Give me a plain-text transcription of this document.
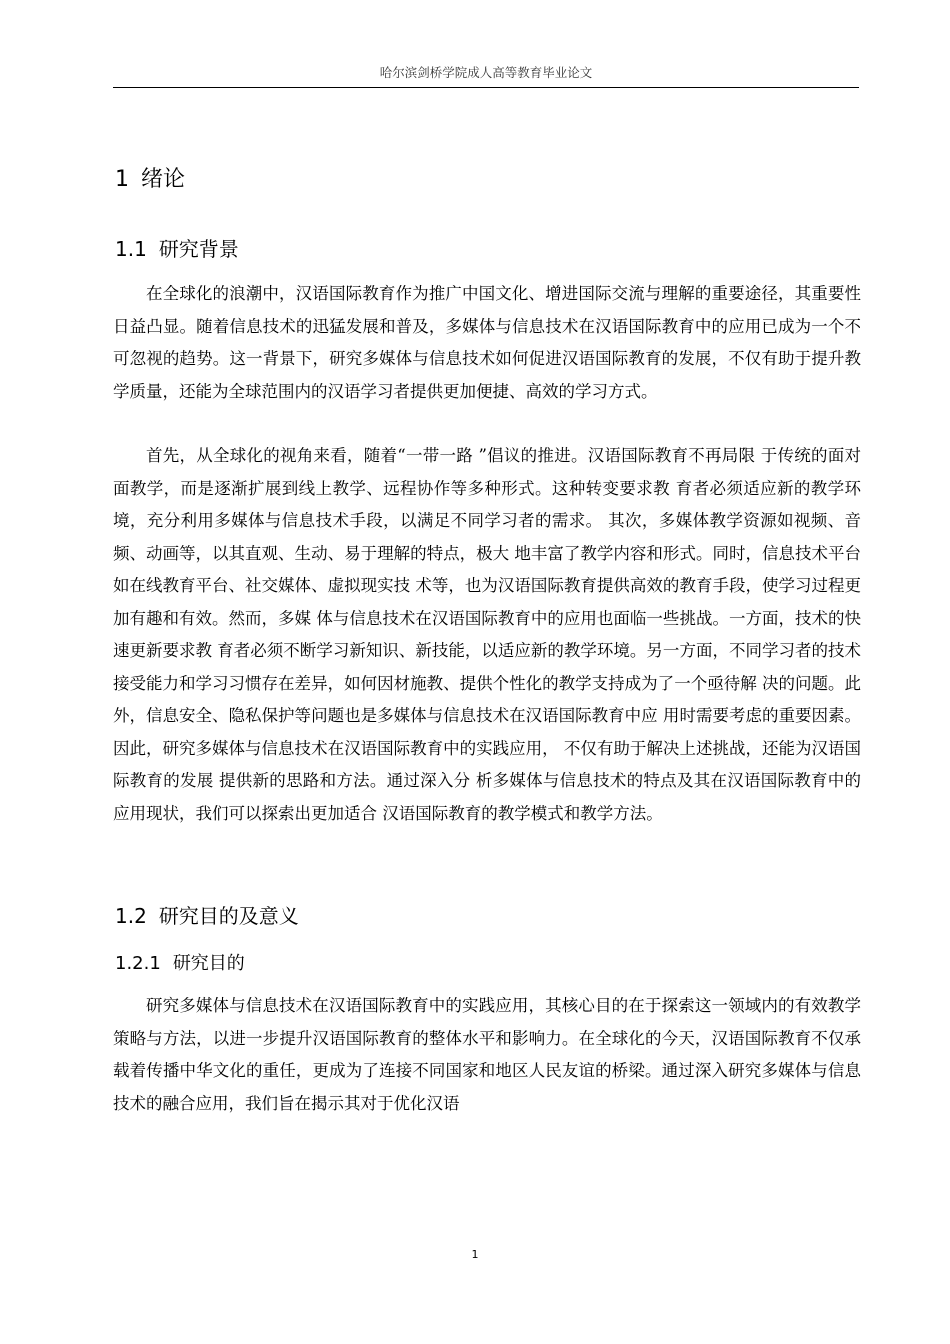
哈尔滨剑桥学院成人高等教育毕业论文
1 绪论
1.1 研究背景

在全球化的浪潮中，汉语国际教育作为推广中国文化、增进国际交流与理解的重要途径，其重要性日益凸显。随着信息技术的迅猛发展和普及，多媒体与信息技术在汉语国际教育中的应用已成为一个不可忽视的趋势。这一背景下，研究多媒体与信息技术如何促进汉语国际教育的发展，不仅有助于提升教学质量，还能为全球范围内的汉语学习者提供更加便捷、高效的学习方式。

首先，从全球化的视角来看，随着“一带一路 ”倡议的推进。汉语国际教育不再局限 于传统的面对面教学，而是逐渐扩展到线上教学、远程协作等多种形式。这种转变要求教 育者必须适应新的教学环境，充分利用多媒体与信息技术手段，以满足不同学习者的需求。 其次，多媒体教学资源如视频、音频、动画等，以其直观、生动、易于理解的特点，极大 地丰富了教学内容和形式。同时，信息技术平台如在线教育平台、社交媒体、虚拟现实技 术等，也为汉语国际教育提供高效的教育手段，使学习过程更加有趣和有效。然而，多媒 体与信息技术在汉语国际教育中的应用也面临一些挑战。一方面，技术的快速更新要求教 育者必须不断学习新知识、新技能，以适应新的教学环境。另一方面，不同学习者的技术 接受能力和学习习惯存在差异，如何因材施教、提供个性化的教学支持成为了一个亟待解 决的问题。此外，信息安全、隐私保护等问题也是多媒体与信息技术在汉语国际教育中应 用时需要考虑的重要因素。因此，研究多媒体与信息技术在汉语国际教育中的实践应用， 不仅有助于解决上述挑战，还能为汉语国际教育的发展 提供新的思路和方法。通过深入分 析多媒体与信息技术的特点及其在汉语国际教育中的应用现状，我们可以探索出更加适合 汉语国际教育的教学模式和教学方法。

1.2 研究目的及意义
1.2.1 研究目的

研究多媒体与信息技术在汉语国际教育中的实践应用，其核心目的在于探索这一领域内的有效教学策略与方法，以进一步提升汉语国际教育的整体水平和影响力。在全球化的今天，汉语国际教育不仅承载着传播中华文化的重任，更成为了连接不同国家和地区人民友谊的桥梁。通过深入研究多媒体与信息技术的融合应用，我们旨在揭示其对于优化汉语

1
